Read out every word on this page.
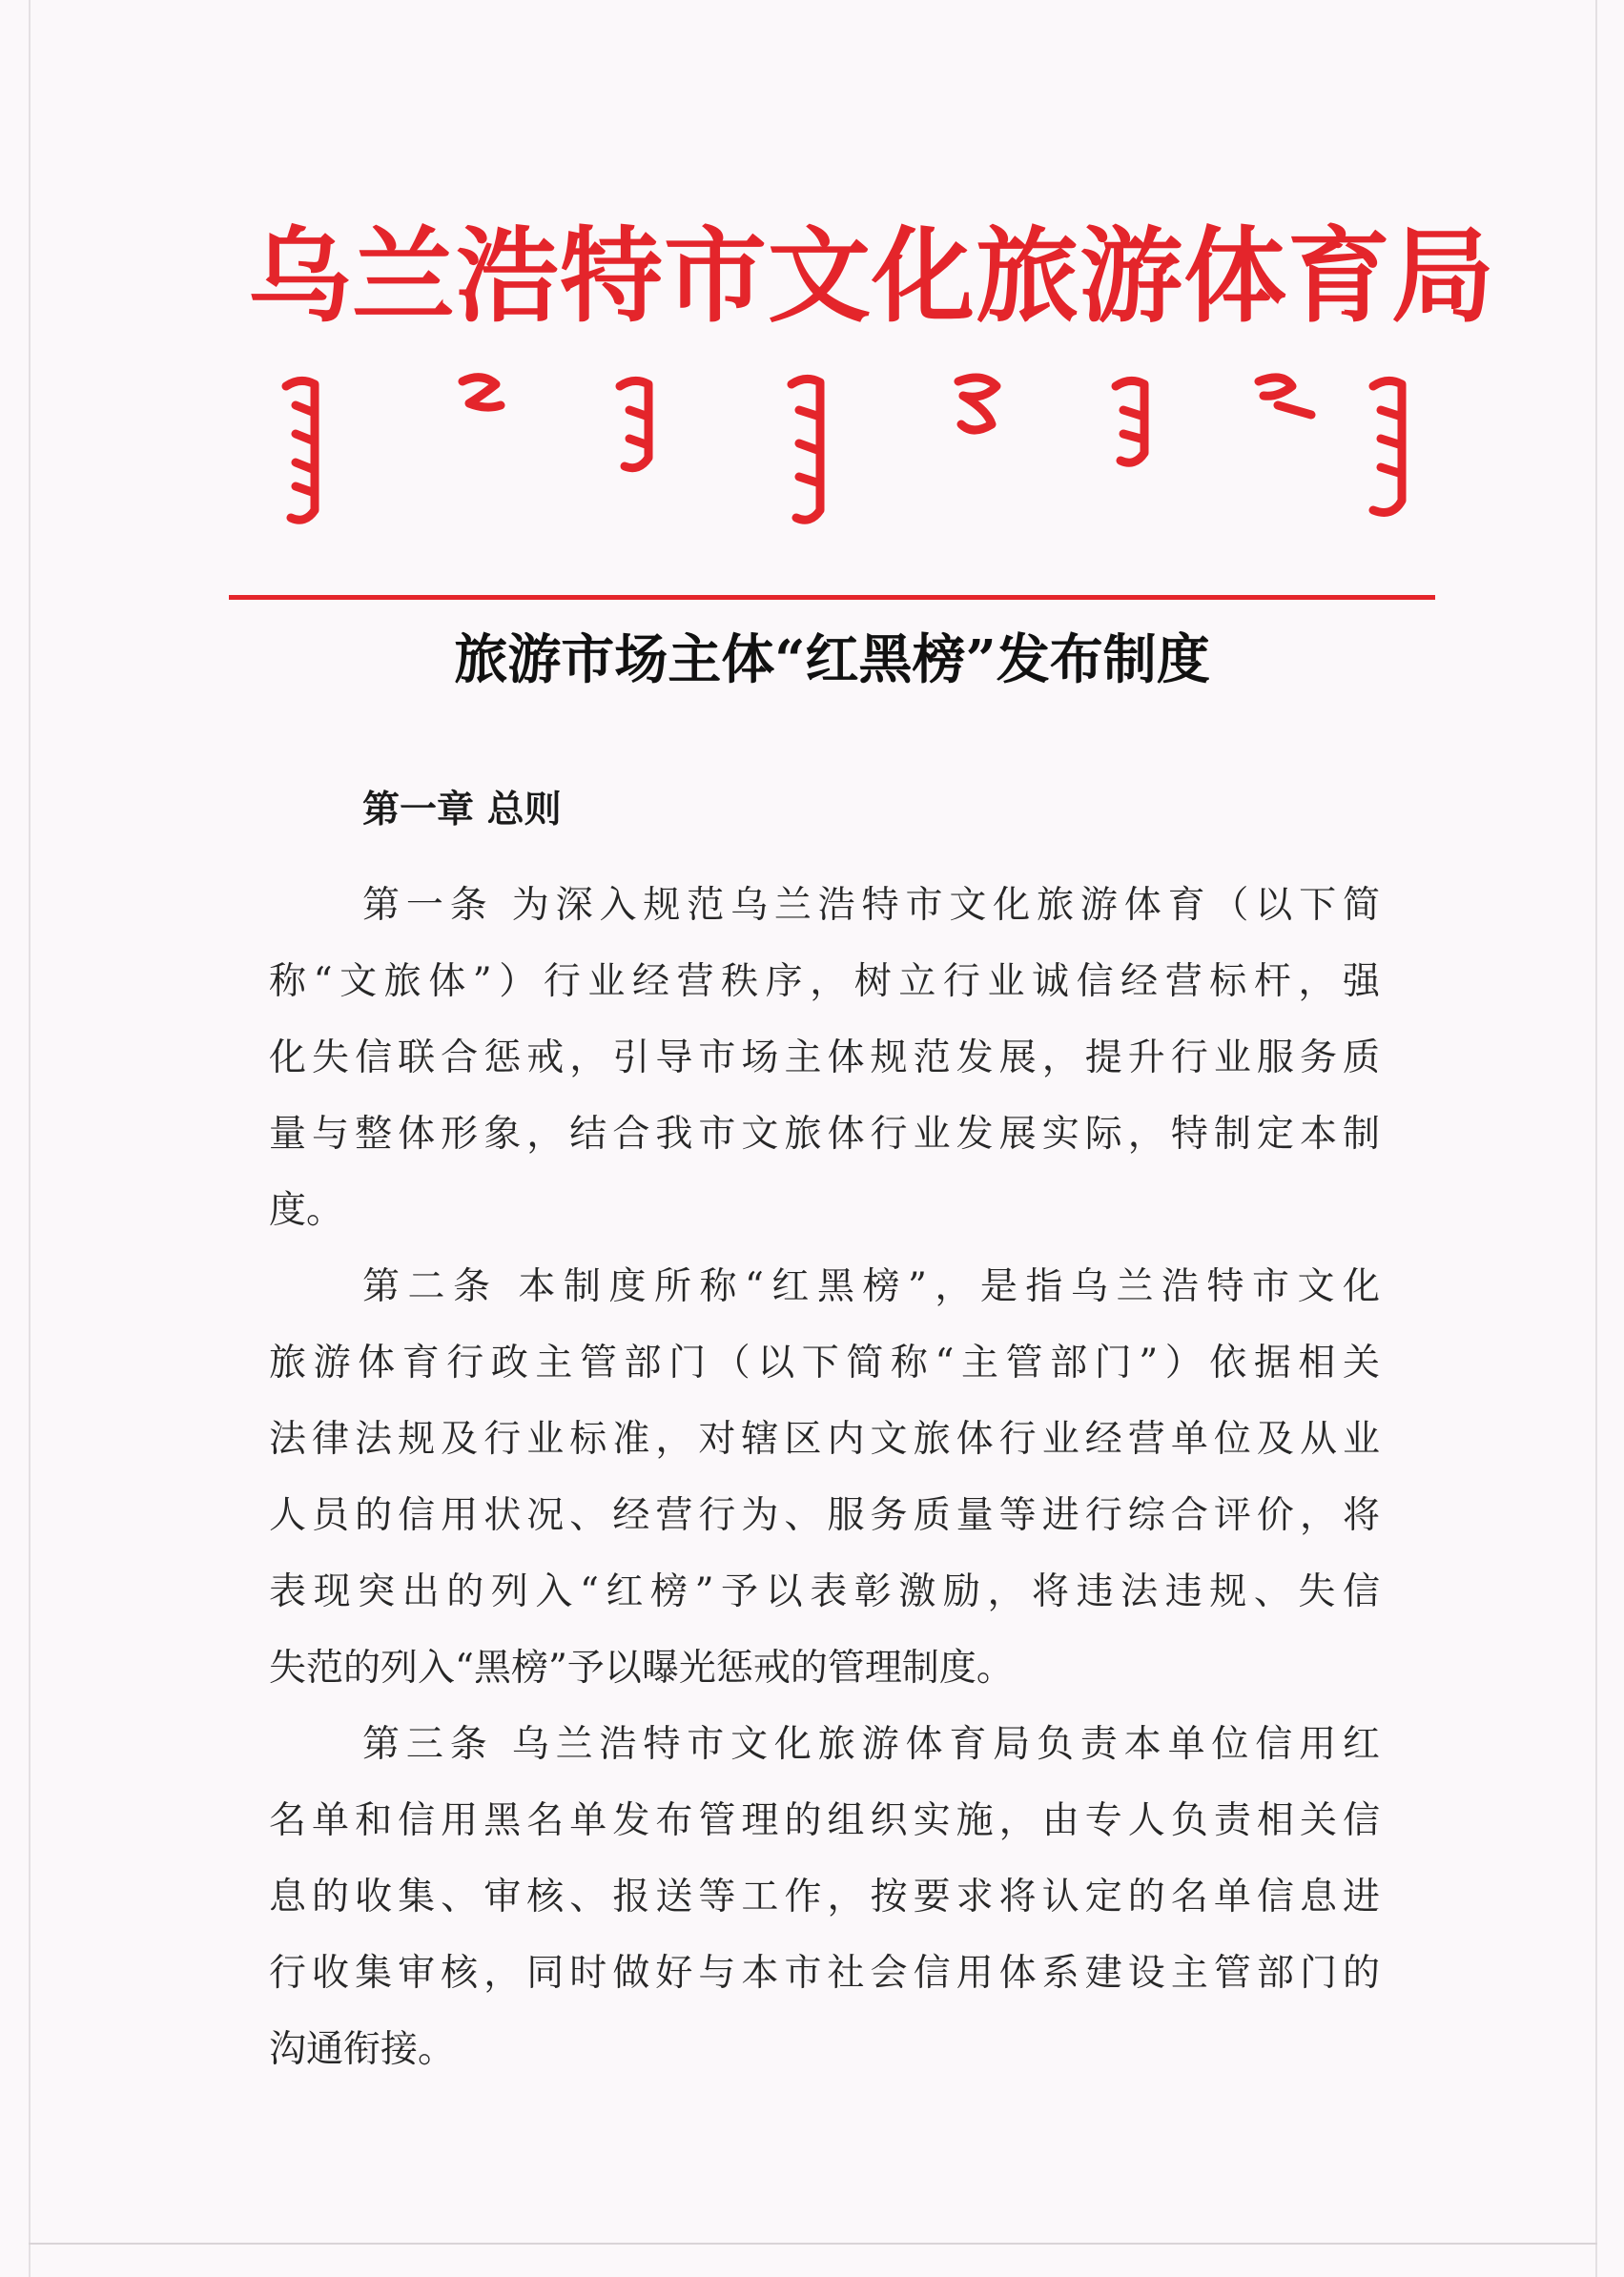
乌兰浩特市文化旅游体育局
旅游市场主体“红黑榜”发布制度
第一章 总则
第一条 为深入规范乌兰浩特市文化旅游体育（以下简
称“文旅体”）行业经营秩序，树立行业诚信经营标杆，强
化失信联合惩戒，引导市场主体规范发展，提升行业服务质
量与整体形象，结合我市文旅体行业发展实际，特制定本制
度。
第二条 本制度所称“红黑榜”，是指乌兰浩特市文化
旅游体育行政主管部门（以下简称“主管部门”）依据相关
法律法规及行业标准，对辖区内文旅体行业经营单位及从业
人员的信用状况、经营行为、服务质量等进行综合评价，将
表现突出的列入“红榜”予以表彰激励，将违法违规、失信
失范的列入“黑榜”予以曝光惩戒的管理制度。
第三条 乌兰浩特市文化旅游体育局负责本单位信用红
名单和信用黑名单发布管理的组织实施，由专人负责相关信
息的收集、审核、报送等工作，按要求将认定的名单信息进
行收集审核，同时做好与本市社会信用体系建设主管部门的
沟通衔接。
